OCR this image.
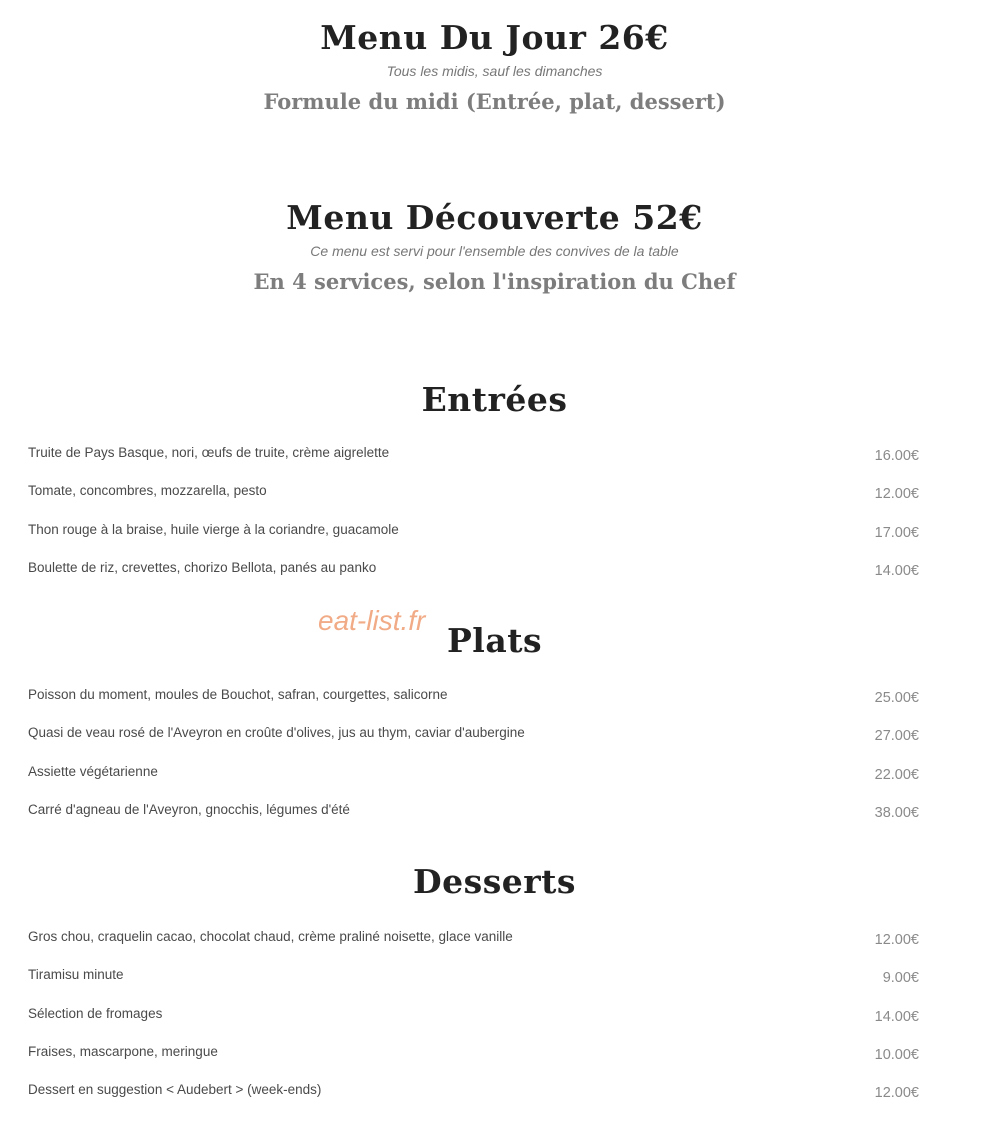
Menu Du Jour 26€
Tous les midis, sauf les dimanches
Formule du midi (Entrée, plat, dessert)
Menu Découverte 52€
Ce menu est servi pour l'ensemble des convives de la table
En 4 services, selon l'inspiration du Chef
Entrées
Truite de Pays Basque, nori, œufs de truite, crème aigrelette	16.00€
Tomate, concombres, mozzarella, pesto	12.00€
Thon rouge à la braise, huile vierge à la coriandre, guacamole	17.00€
Boulette de riz, crevettes, chorizo Bellota, panés au panko	14.00€
eat-list.fr
Plats
Poisson du moment, moules de Bouchot, safran, courgettes, salicorne	25.00€
Quasi de veau rosé de l'Aveyron en croûte d'olives, jus au thym, caviar d'aubergine	27.00€
Assiette végétarienne	22.00€
Carré d'agneau de l'Aveyron, gnocchis, légumes d'été	38.00€
Desserts
Gros chou, craquelin cacao, chocolat chaud, crème praliné noisette, glace vanille	12.00€
Tiramisu minute	9.00€
Sélection de fromages	14.00€
Fraises, mascarpone, meringue	10.00€
Dessert en suggestion < Audebert > (week-ends)	12.00€
